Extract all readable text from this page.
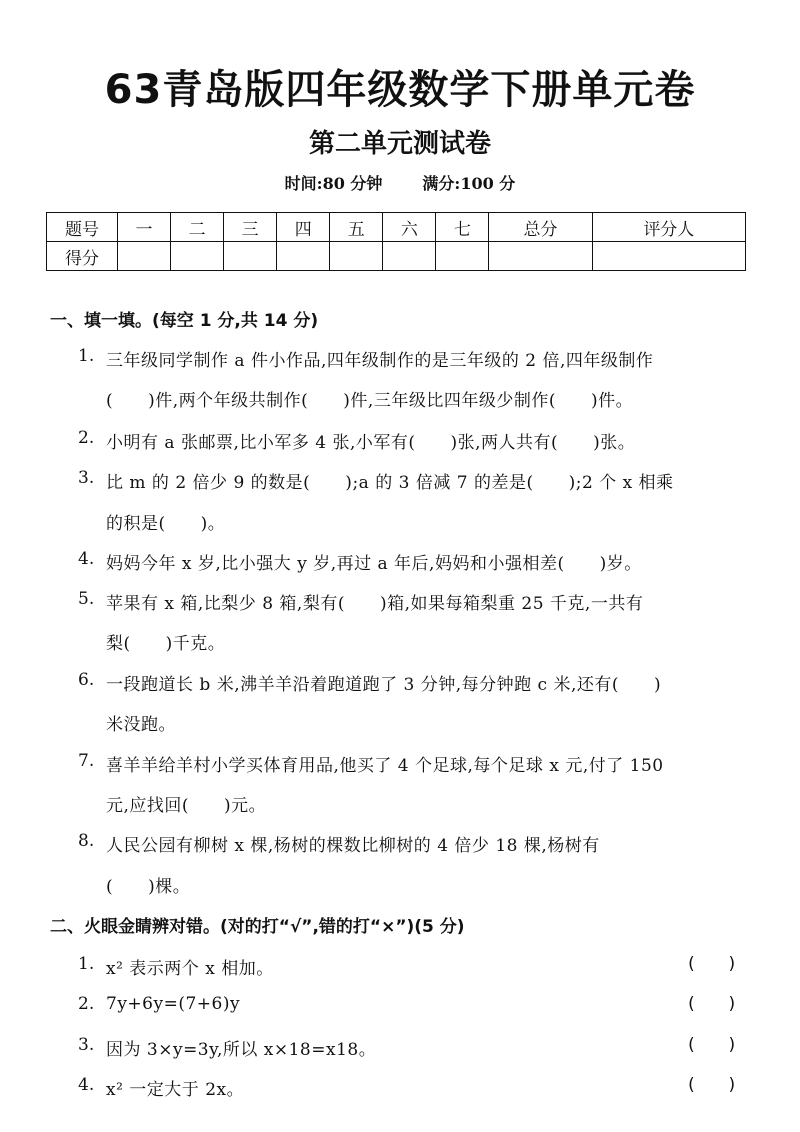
63青岛版四年级数学下册单元卷
第二单元测试卷
时间:80 分钟	满分:100 分
题号	一	二	三	四	五	六	七	总分	评分人
得分									
一、填一填。(每空 1 分,共 14 分)
1. 三年级同学制作 a 件小作品,四年级制作的是三年级的 2 倍,四年级制作
(　　)件,两个年级共制作(　　)件,三年级比四年级少制作(　　)件。
2. 小明有 a 张邮票,比小军多 4 张,小军有(　　)张,两人共有(　　)张。
3. 比 m 的 2 倍少 9 的数是(　　);a 的 3 倍减 7 的差是(　　);2 个 x 相乘
的积是(　　)。
4. 妈妈今年 x 岁,比小强大 y 岁,再过 a 年后,妈妈和小强相差(　　)岁。
5. 苹果有 x 箱,比梨少 8 箱,梨有(　　)箱,如果每箱梨重 25 千克,一共有
梨(　　)千克。
6. 一段跑道长 b 米,沸羊羊沿着跑道跑了 3 分钟,每分钟跑 c 米,还有(　　)
米没跑。
7. 喜羊羊给羊村小学买体育用品,他买了 4 个足球,每个足球 x 元,付了 150
元,应找回(　　)元。
8. 人民公园有柳树 x 棵,杨树的棵数比柳树的 4 倍少 18 棵,杨树有
(　　)棵。
二、火眼金睛辨对错。(对的打“√”,错的打“×”)(5 分)
1. x² 表示两个 x 相加。	(   )
2. 7y+6y=(7+6)y	(   )
3. 因为 3×y=3y,所以 x×18=x18。	(   )
4. x² 一定大于 2x。	(   )
